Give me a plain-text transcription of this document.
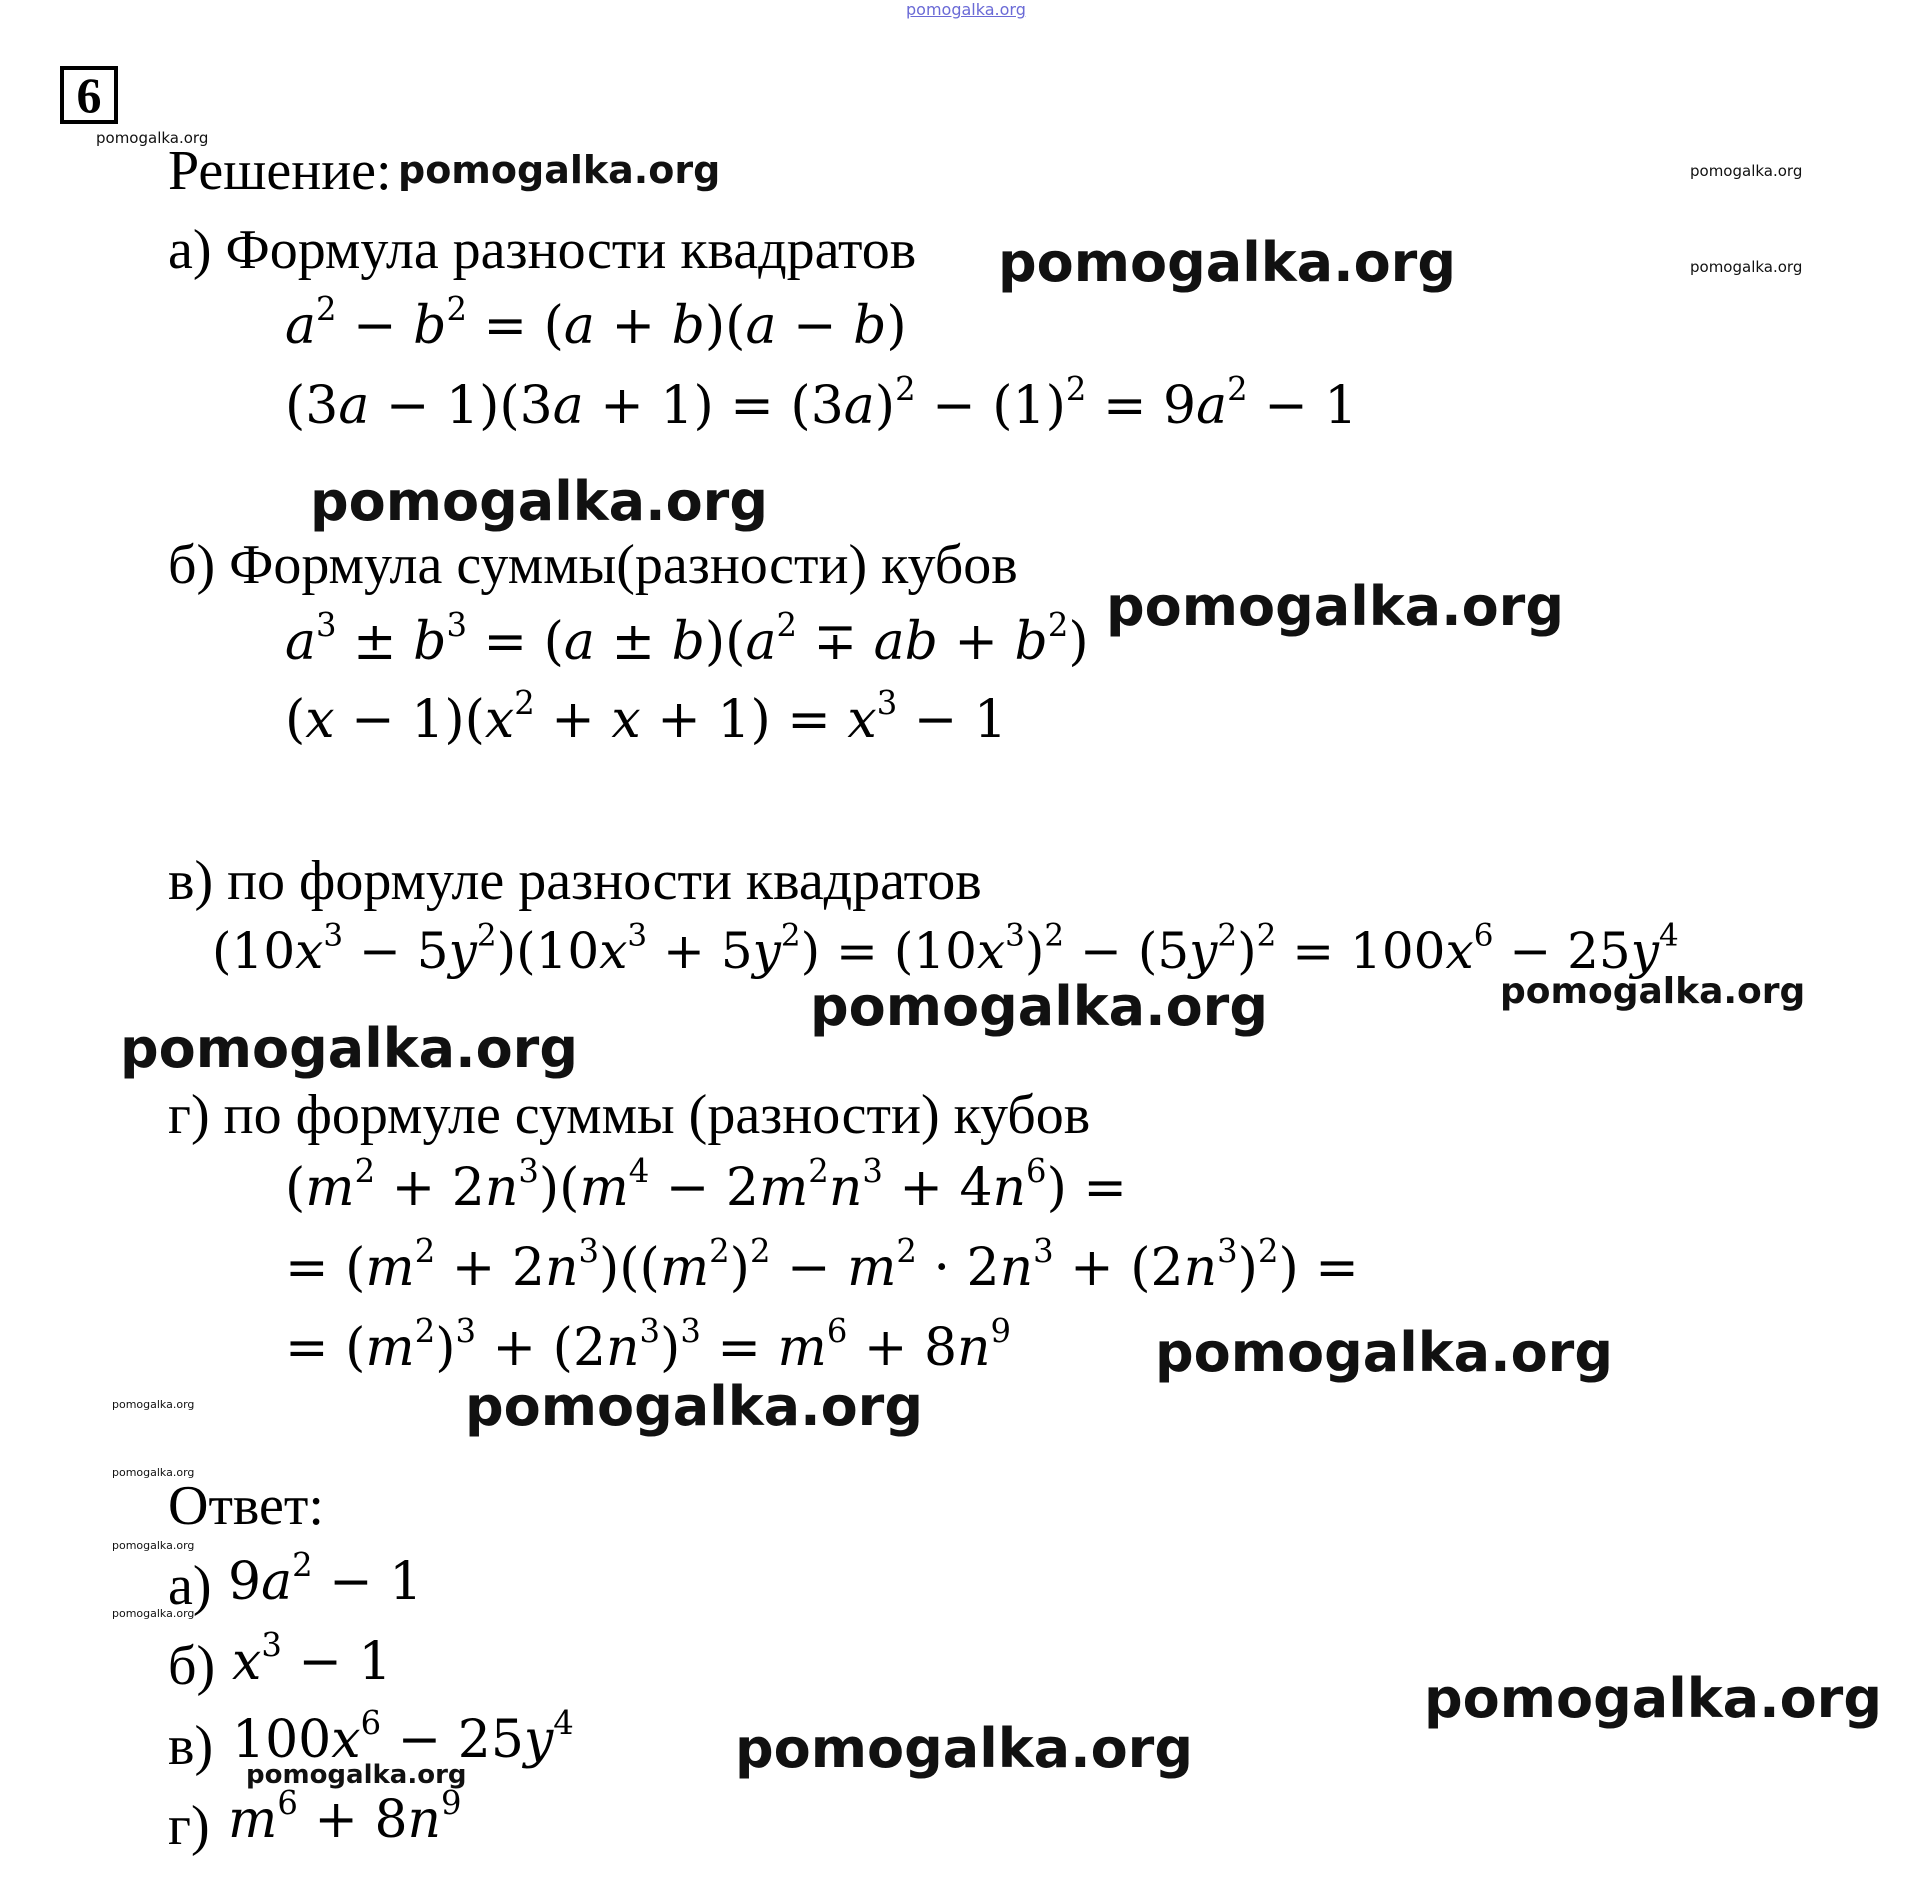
pomogalka.org
6
pomogalka.org
Решение: pomogalka.org	pomogalka.org
а) Формула разности квадратов pomogalka.org	pomogalka.org
$a^2 - b^2 = (a + b)(a - b)$
$(3a - 1)(3a + 1) = (3a)^2 - (1)^2 = 9a^2 - 1$
pomogalka.org
б) Формула суммы(разности) кубов
pomogalka.org
$a^3 \pm b^3 = (a \pm b)(a^2$ ∓ ab + $b^2$)
$(x - 1)(x^2 + x + 1) = x^3 - 1$
в) по формуле разности квадратов
$(10x^3 - 5y^2)(10x^3 + 5y^2) = (10x^3)^2 - (5y^2)^2 = 100x^6 - 25y^4$
pomogalka.org
pomogalka.org
pomogalka.org
г) по формуле суммы (разности) кубов
$(m^2 + 2n^3)(m^4 - 2m^2n^3 + 4n^6)$ =
= $(m^2 + 2n^3)((m^2)^2 - m^2 \cdot 2n^3 + (2n^3)^2)$ =
= $(m^2)^3 + (2n^3)^3 = m^6 + 8n^9$	pomogalka.org
pomogalka.org
pomogalka.org
pomogalka.org
Ответ:
pomogalka.org
а) $9a^2 - 1$
pomogalka.org
б) $x^3 - 1$
pomogalka.org
в) $100x^6 - 25y^4$	pomogalka.org
pomogalka.org
г) $m^6 + 8n^9$
